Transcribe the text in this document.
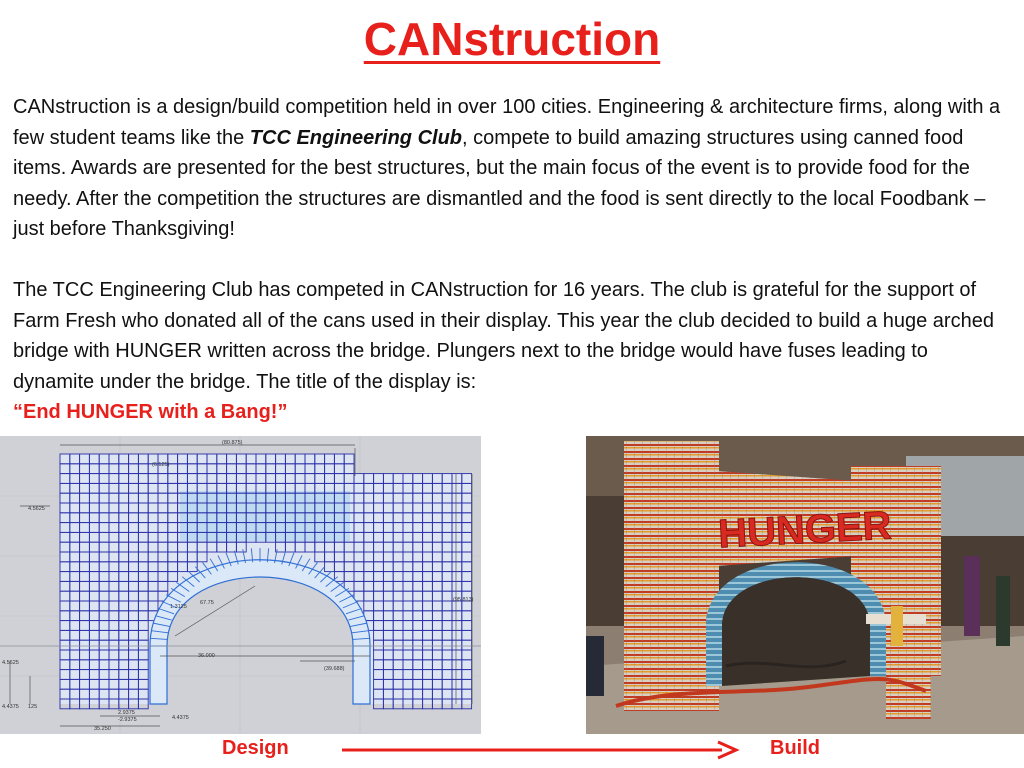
CANstruction

CANstruction is a design/build competition held in over 100 cities. Engineering & architecture firms, along with a few student teams like the TCC Engineering Club, compete to build amazing structures using canned food items. Awards are presented for the best structures, but the main focus of the event is to provide food for the needy. After the competition the structures are dismantled and the food is sent directly to the local Foodbank – just before Thanksgiving!

The TCC Engineering Club has competed in CANstruction for 16 years. The club is grateful for the support of Farm Fresh who donated all of the cans used in their display. This year the club decided to build a huge arched bridge with HUNGER written across the bridge. Plungers next to the bridge would have fuses leading to dynamite under the bridge. The title of the display is:
“End HUNGER with a Bang!”

(80.875)
(6.125)
4.5625
(95.813)
67.75
1.3125
36.000
(39.688)
4.5625
4.4375 125
2.9375
-2.9375	4.4375
35.250
HUNGER
Design	Build
